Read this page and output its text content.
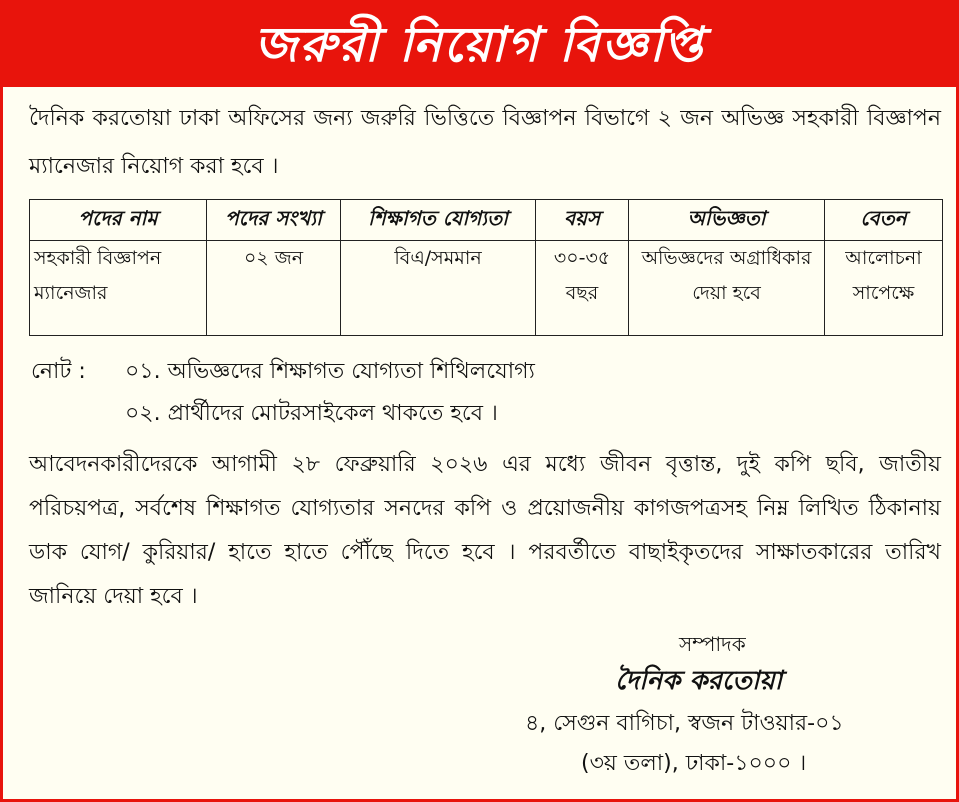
জরুরী নিয়োগ বিজ্ঞপ্তি
দৈনিক করতোয়া ঢাকা অফিসের জন্য জরুরি ভিত্তিতে বিজ্ঞাপন বিভাগে ২ জন অভিজ্ঞ সহকারী বিজ্ঞাপন ম্যানেজার নিয়োগ করা হবে ।
পদের নাম	পদের সংখ্যা	শিক্ষাগত যোগ্যতা	বয়স	অভিজ্ঞতা	বেতন
সহকারী বিজ্ঞাপন ম্যানেজার	০২ জন	বিএ/সমমান	৩০-৩৫ বছর	অভিজ্ঞদের অগ্রাধিকার দেয়া হবে	আলোচনা সাপেক্ষে
নোট : ০১. অভিজ্ঞদের শিক্ষাগত যোগ্যতা শিথিলযোগ্য
০২. প্রার্থীদের মোটরসাইকেল থাকতে হবে ।
আবেদনকারীদেরকে আগামী ২৮ ফেব্রুয়ারি ২০২৬ এর মধ্যে জীবন বৃত্তান্ত, দুই কপি ছবি, জাতীয় পরিচয়পত্র, সর্বশেষ শিক্ষাগত যোগ্যতার সনদের কপি ও প্রয়োজনীয় কাগজপত্রসহ নিম্ন লিখিত ঠিকানায় ডাক যোগ/ কুরিয়ার/ হাতে হাতে পৌঁছে দিতে হবে । পরবর্তীতে বাছাইকৃতদের সাক্ষাতকারের তারিখ জানিয়ে দেয়া হবে ।
সম্পাদক
দৈনিক করতোয়া
৪, সেগুন বাগিচা, স্বজন টাওয়ার-০১
(৩য় তলা), ঢাকা-১০০০ ।
